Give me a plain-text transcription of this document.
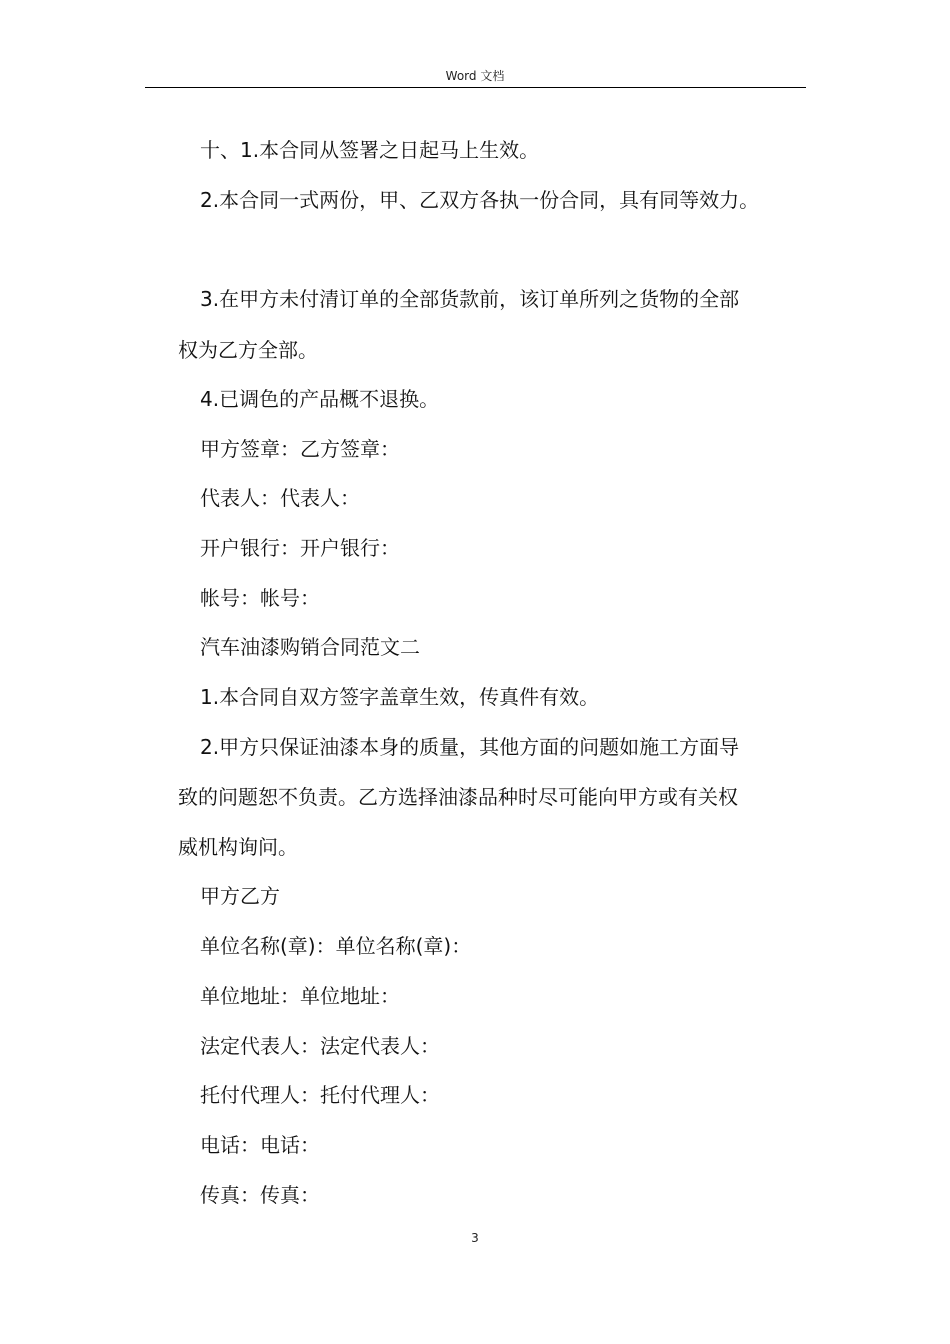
Word 文档
十、1.本合同从签署之日起马上生效。
2.本合同一式两份，甲、乙双方各执一份合同，具有同等效力。
3.在甲方未付清订单的全部货款前，该订单所列之货物的全部
权为乙方全部。
4.已调色的产品概不退换。
甲方签章：乙方签章：
代表人：代表人：
开户银行：开户银行：
帐号：帐号：
汽车油漆购销合同范文二
1.本合同自双方签字盖章生效，传真件有效。
2.甲方只保证油漆本身的质量，其他方面的问题如施工方面导
致的问题恕不负责。乙方选择油漆品种时尽可能向甲方或有关权
威机构询问。
甲方乙方
单位名称(章)：单位名称(章)：
单位地址：单位地址：
法定代表人：法定代表人：
托付代理人：托付代理人：
电话：电话：
传真：传真：
3
